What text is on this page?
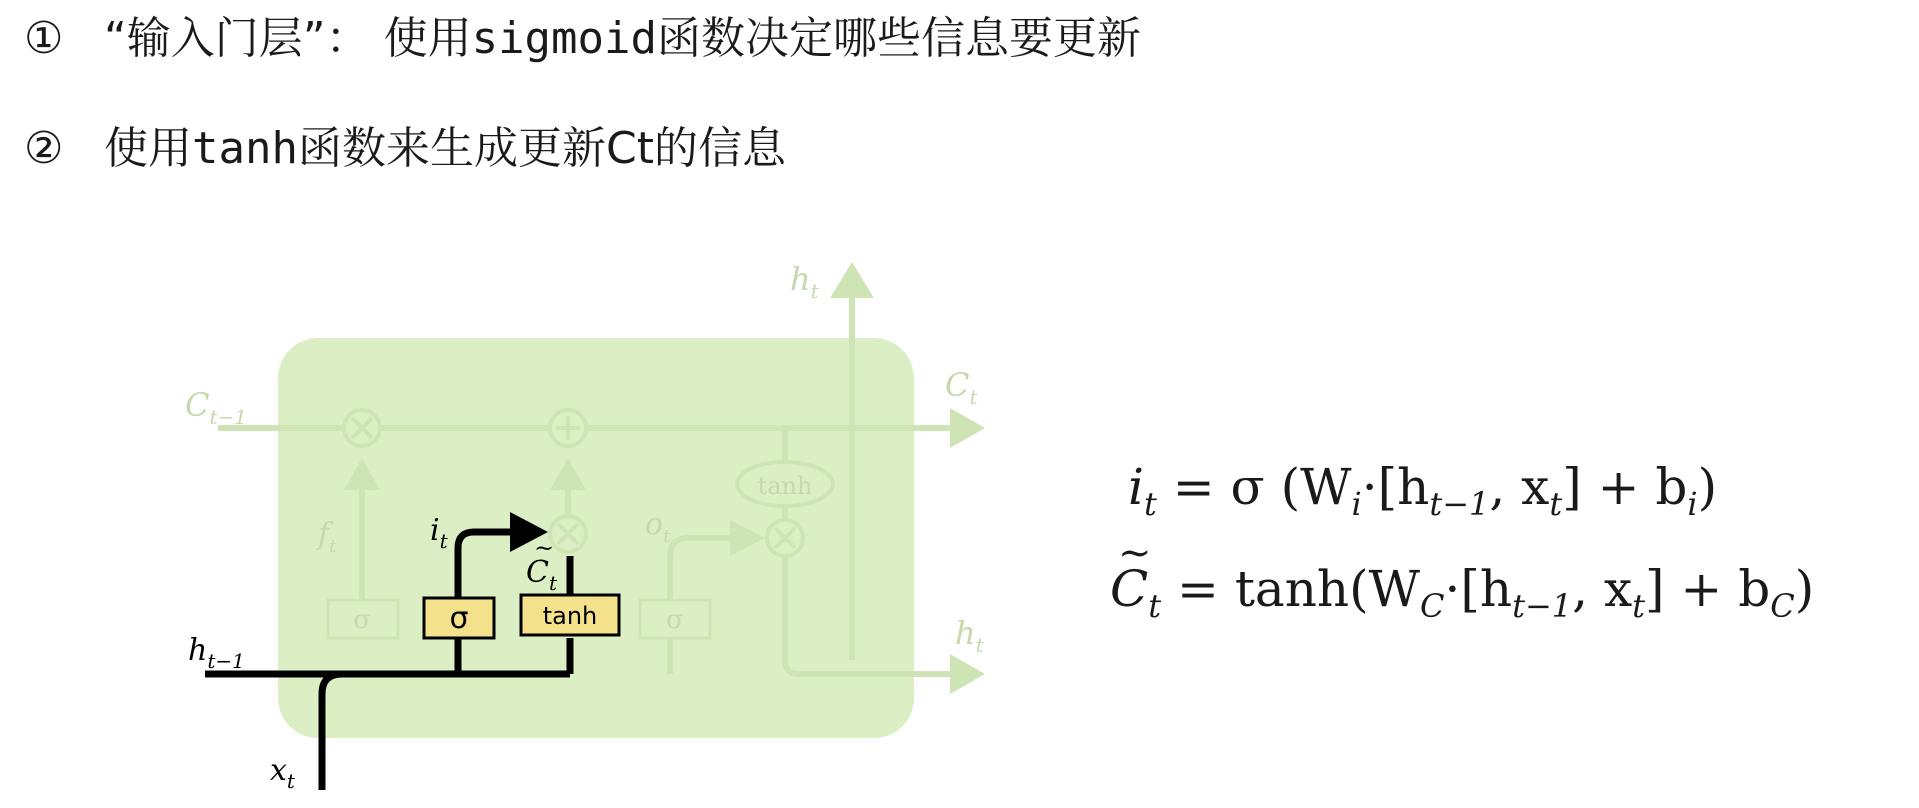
① “输入门层”： 使用 sigmoid 函数决定哪些信息要更新
② 使用 tanh 函数来生成更新Ct的信息
$C_{t-1}$
$C_t$
$h_t$
$h_t$
$f_t$
$o_t$
σ	σ
tanh
σ	tanh
$h_{t-1}$
$x_t$
$i_t$
$C_t$
~
$i_t = \sigma$ ($W_i\cdot[h_{t-1}$, $x_t] + b_i$)
~ $C_t = \tanh(W_C\cdot[h_{t-1}$, $x_t] + b_C$)
